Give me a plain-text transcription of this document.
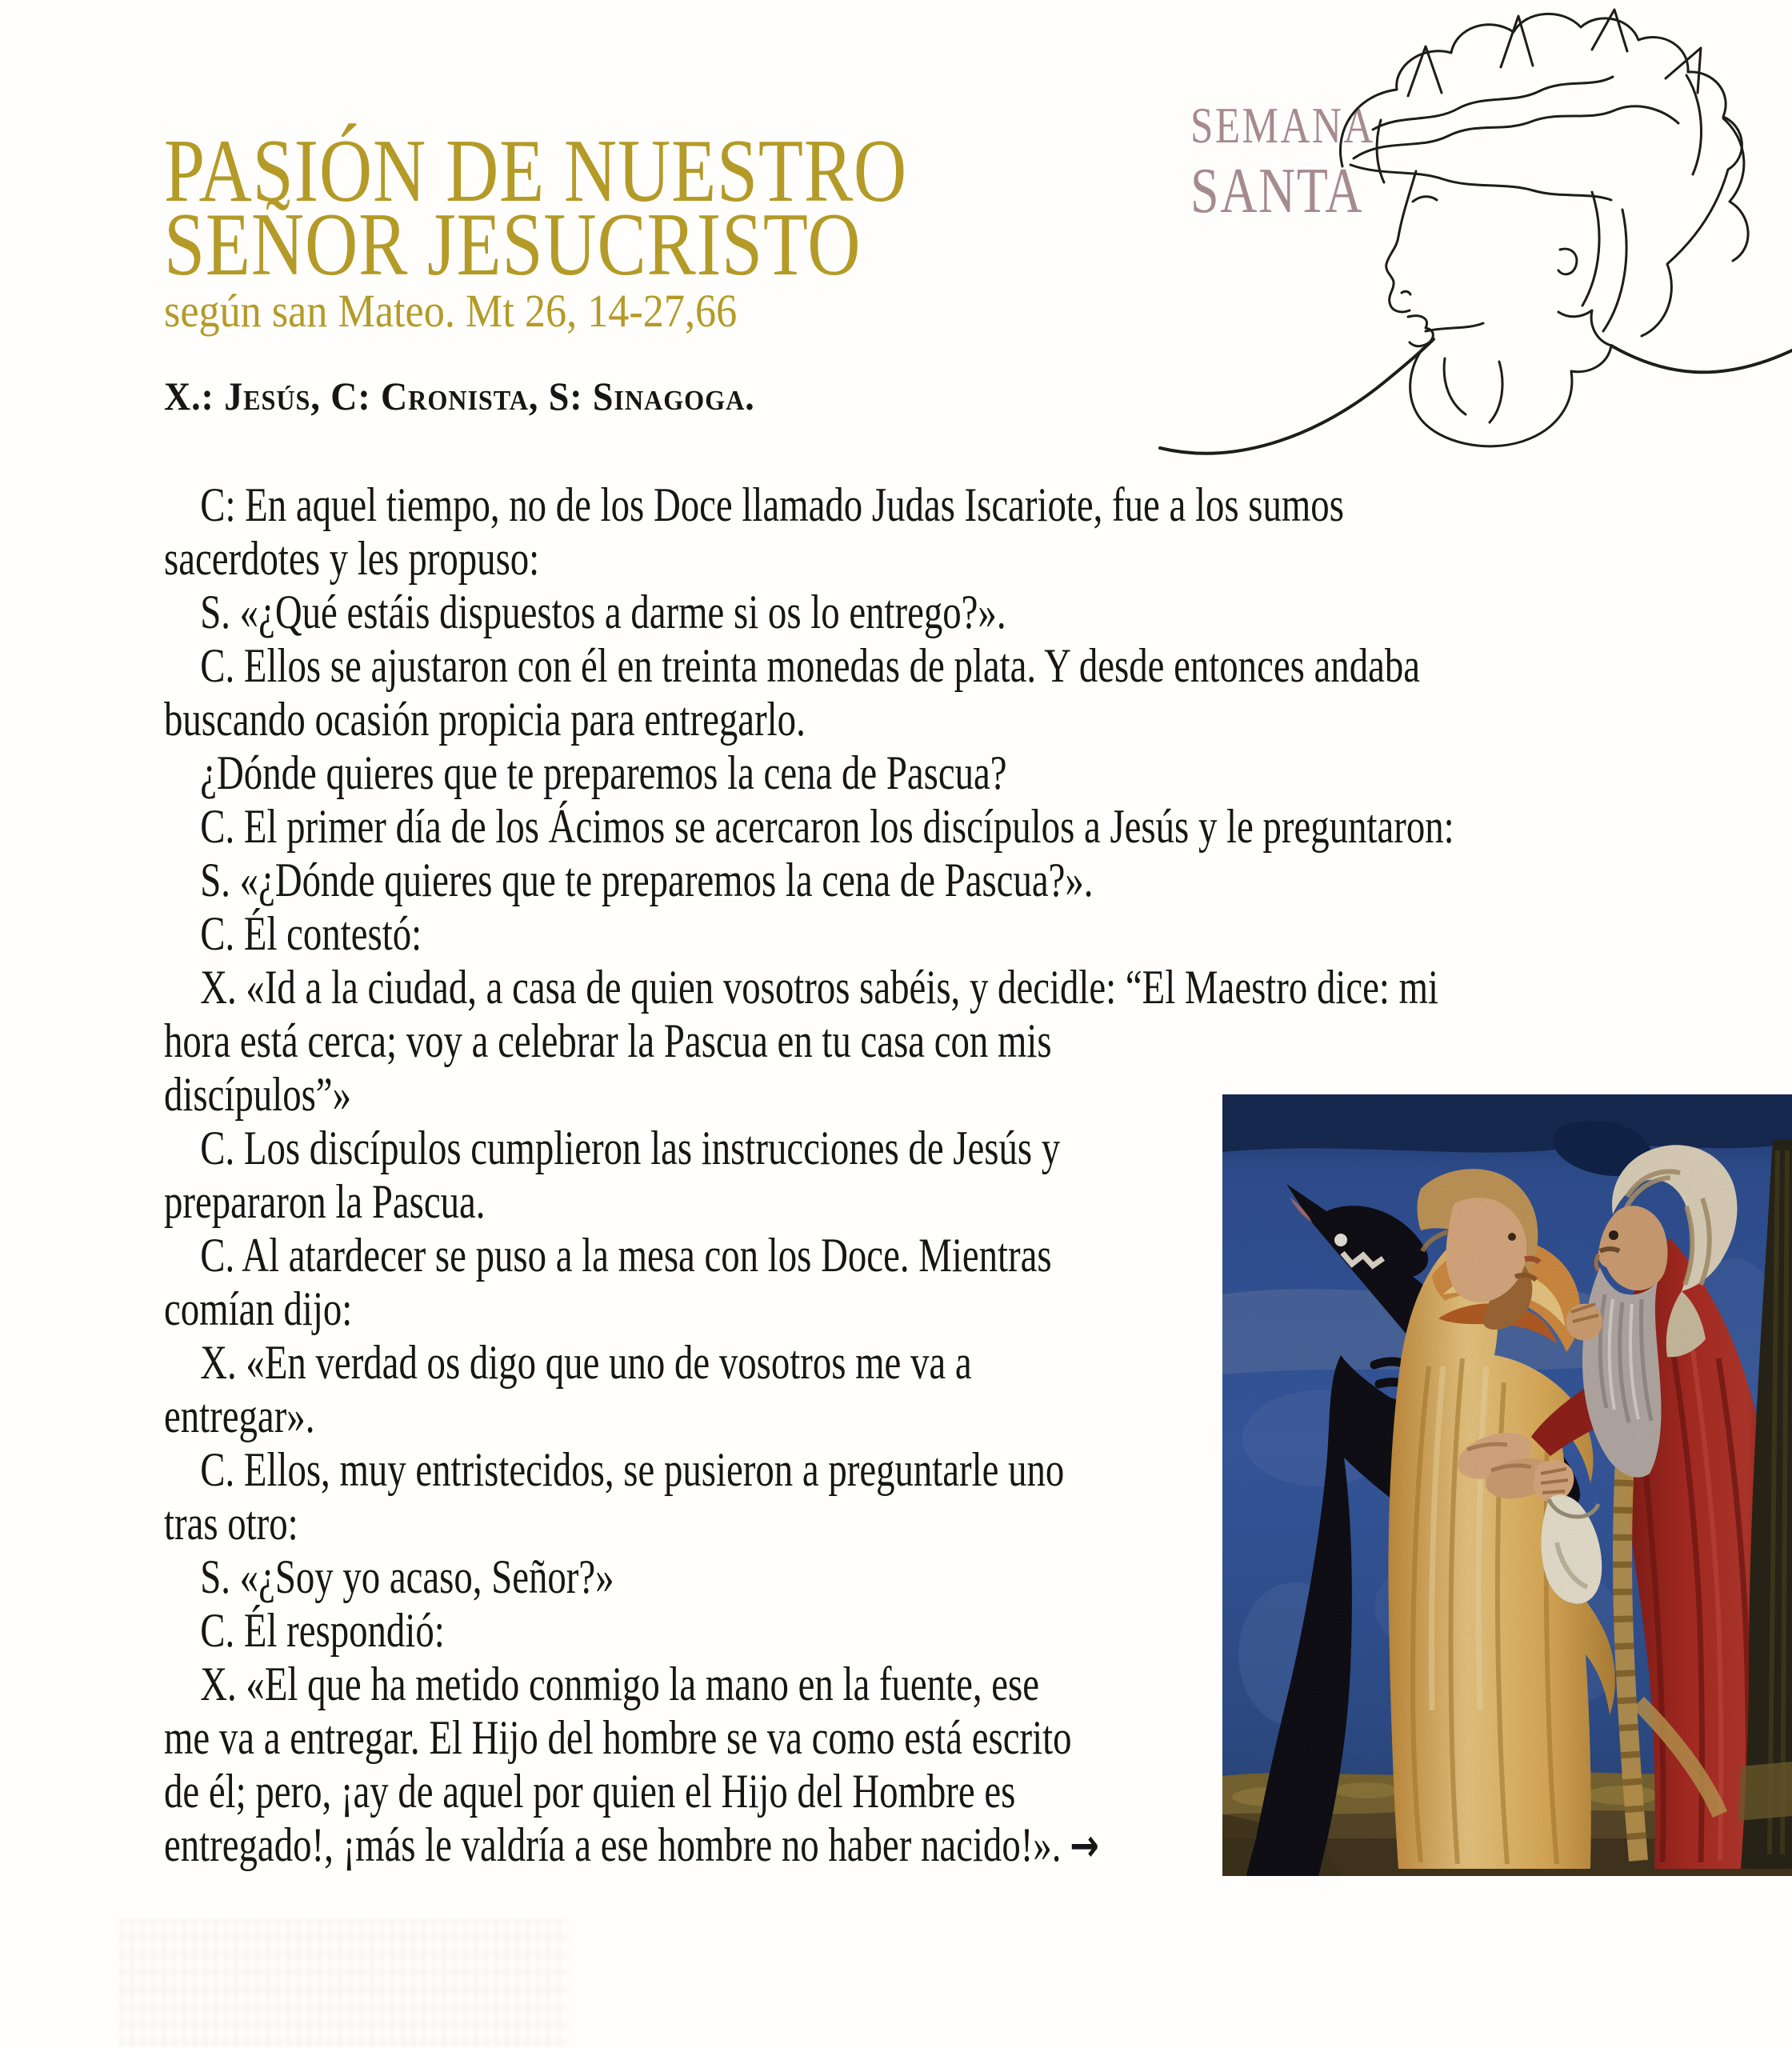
PASIÓN DE NUESTRO
SEÑOR JESUCRISTO
según san Mateo. Mt 26, 14-27,66
SEMANA
SANTA
X.: Jesús, C: Cronista, S: Sinagoga.

C: En aquel tiempo, no de los Doce llamado Judas Iscariote, fue a los sumos
sacerdotes y les propuso:

S. «¿Qué estáis dispuestos a darme si os lo entrego?».

C. Ellos se ajustaron con él en treinta monedas de plata. Y desde entonces andaba
buscando ocasión propicia para entregarlo.

¿Dónde quieres que te preparemos la cena de Pascua?

C. El primer día de los Ácimos se acercaron los discípulos a Jesús y le preguntaron:

S. «¿Dónde quieres que te preparemos la cena de Pascua?».

C. Él contestó:

X. «Id a la ciudad, a casa de quien vosotros sabéis, y decidle: “El Maestro dice: mi
hora está cerca; voy a celebrar la Pascua en tu casa con mis
discípulos”»

C. Los discípulos cumplieron las instrucciones de Jesús y
prepararon la Pascua.

C. Al atardecer se puso a la mesa con los Doce. Mientras
comían dijo:

X. «En verdad os digo que uno de vosotros me va a
entregar».

C. Ellos, muy entristecidos, se pusieron a preguntarle uno
tras otro:

S. «¿Soy yo acaso, Señor?»

C. Él respondió:

X. «El que ha metido conmigo la mano en la fuente, ese
me va a entregar. El Hijo del hombre se va como está escrito
de él; pero, ¡ay de aquel por quien el Hijo del Hombre es
entregado!, ¡más le valdría a ese hombre no haber nacido!». →
